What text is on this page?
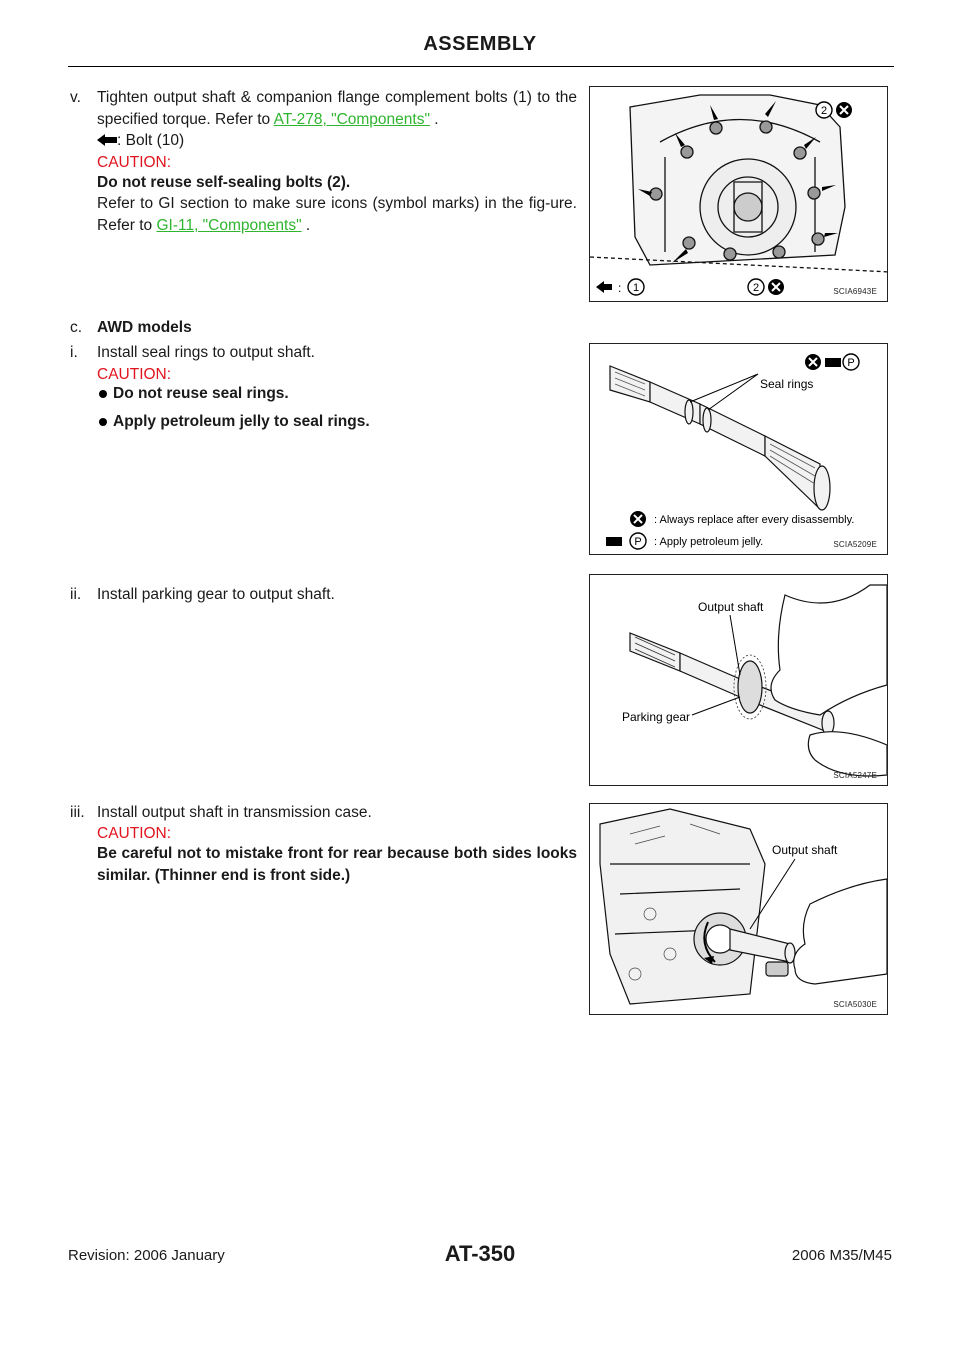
ASSEMBLY
v. Tighten output shaft & companion flange complement bolts (1) to the specified torque. Refer to AT-278, "Components" .
: Bolt (10)
CAUTION:
Do not reuse self-sealing bolts (2).
Refer to GI section to make sure icons (symbol marks) in the fig-ure. Refer to GI-11, "Components" .
2
: 1	2	SCIA6943E
c. AWD models
i. Install seal rings to output shaft.
CAUTION:
Do not reuse seal rings.
Apply petroleum jelly to seal rings.
Seal rings
P
: Always replace after every disassembly.
P : Apply petroleum jelly.	SCIA5209E
ii. Install parking gear to output shaft.
Output shaft
Parking gear
SCIA5247E
iii. Install output shaft in transmission case.
CAUTION:
Be careful not to mistake front for rear because both sides looks similar. (Thinner end is front side.)
Output shaft
SCIA5030E
Revision: 2006 January	AT-350	2006 M35/M45
